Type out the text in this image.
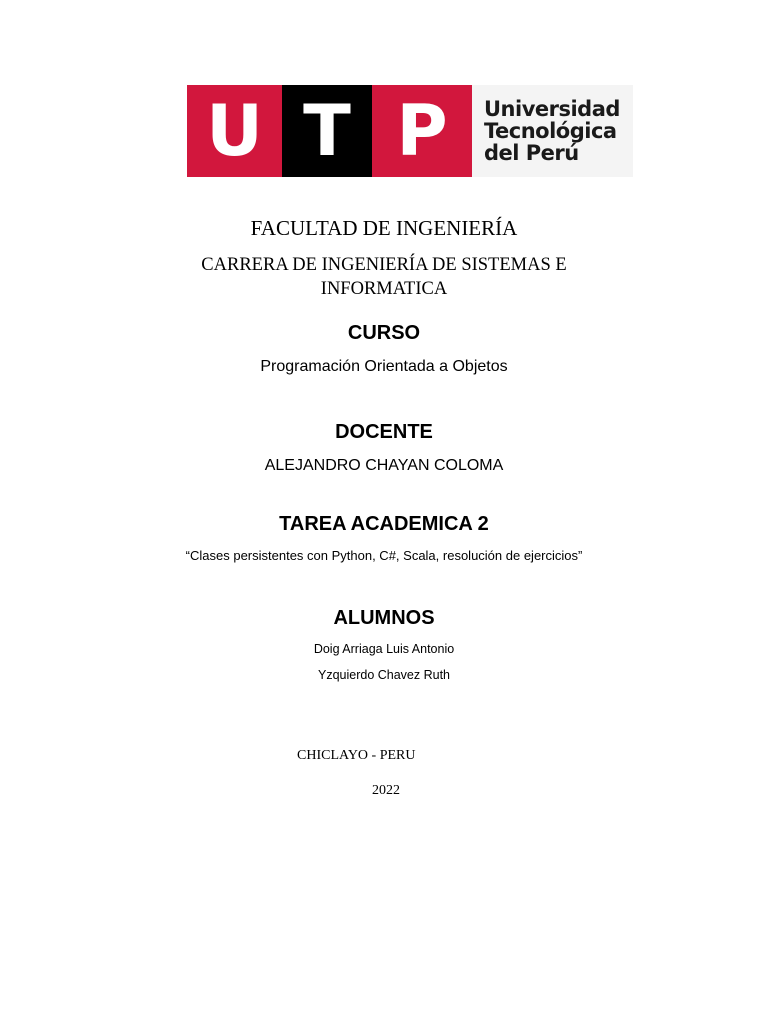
U T P	Universidad
Tecnológica
del Perú
FACULTAD DE INGENIERÍA
CARRERA DE INGENIERÍA DE SISTEMAS E
INFORMATICA
CURSO
Programación Orientada a Objetos
DOCENTE
ALEJANDRO CHAYAN COLOMA
TAREA ACADEMICA 2
“Clases persistentes con Python, C#, Scala, resolución de ejercicios”
ALUMNOS
Doig Arriaga Luis Antonio
Yzquierdo Chavez Ruth
CHICLAYO - PERU
2022
